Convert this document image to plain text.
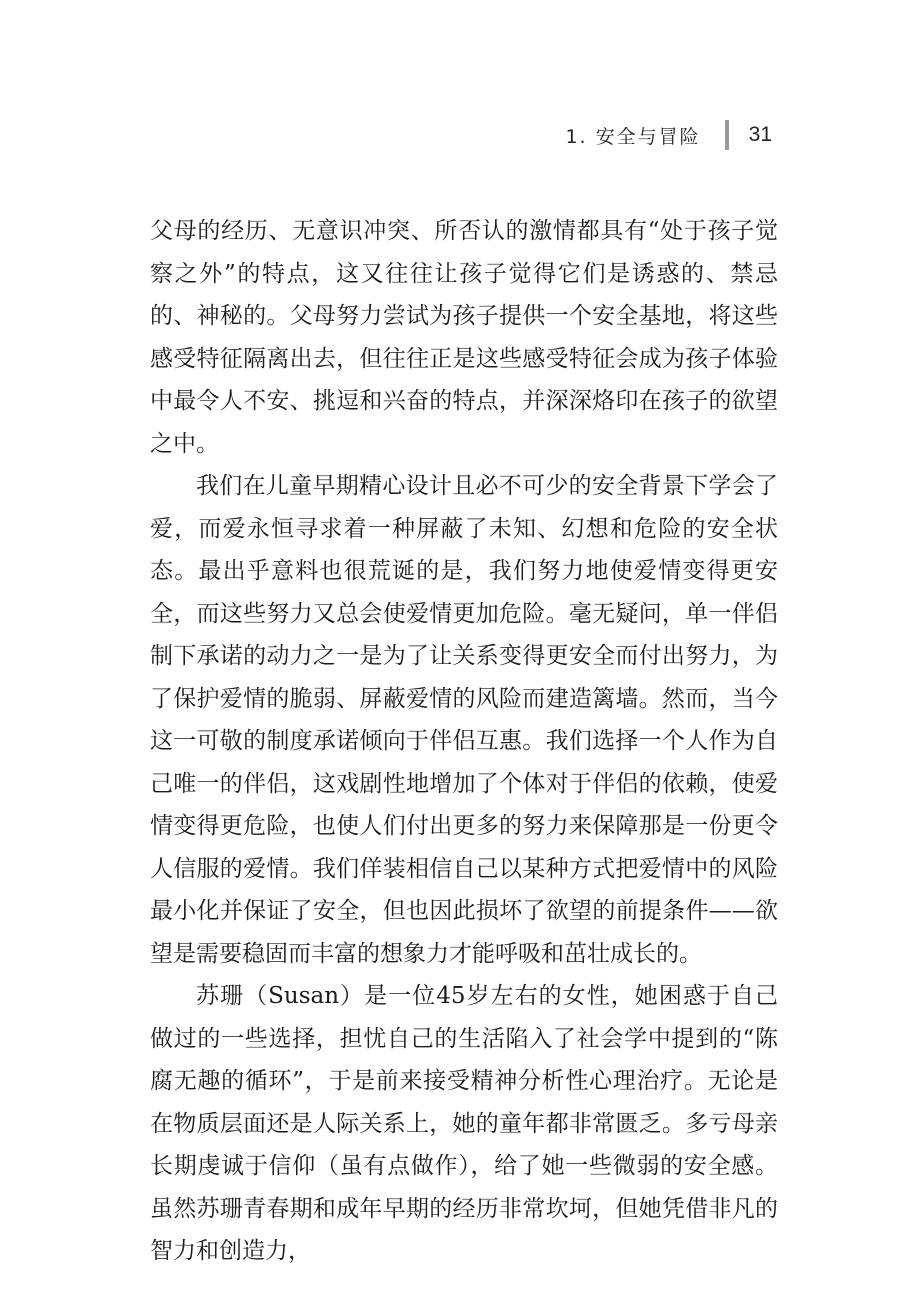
1. 安全与冒险 31

父母的经历、无意识冲突、所否认的激情都具有“处于孩子觉察之外”的特点，这又往往让孩子觉得它们是诱惑的、禁忌的、神秘的。父母努力尝试为孩子提供一个安全基地，将这些感受特征隔离出去，但往往正是这些感受特征会成为孩子体验中最令人不安、挑逗和兴奋的特点，并深深烙印在孩子的欲望之中。

我们在儿童早期精心设计且必不可少的安全背景下学会了爱，而爱永恒寻求着一种屏蔽了未知、幻想和危险的安全状态。最出乎意料也很荒诞的是，我们努力地使爱情变得更安全，而这些努力又总会使爱情更加危险。毫无疑问，单一伴侣制下承诺的动力之一是为了让关系变得更安全而付出努力，为了保护爱情的脆弱、屏蔽爱情的风险而建造篱墙。然而，当今这一可敬的制度承诺倾向于伴侣互惠。我们选择一个人作为自己唯一的伴侣，这戏剧性地增加了个体对于伴侣的依赖，使爱情变得更危险，也使人们付出更多的努力来保障那是一份更令人信服的爱情。我们佯装相信自己以某种方式把爱情中的风险最小化并保证了安全，但也因此损坏了欲望的前提条件——欲望是需要稳固而丰富的想象力才能呼吸和茁壮成长的。

苏珊（Susan）是一位45岁左右的女性，她困惑于自己做过的一些选择，担忧自己的生活陷入了社会学中提到的“陈腐无趣的循环”，于是前来接受精神分析性心理治疗。无论是在物质层面还是人际关系上，她的童年都非常匮乏。多亏母亲长期虔诚于信仰（虽有点做作），给了她一些微弱的安全感。虽然苏珊青春期和成年早期的经历非常坎坷，但她凭借非凡的智力和创造力，
